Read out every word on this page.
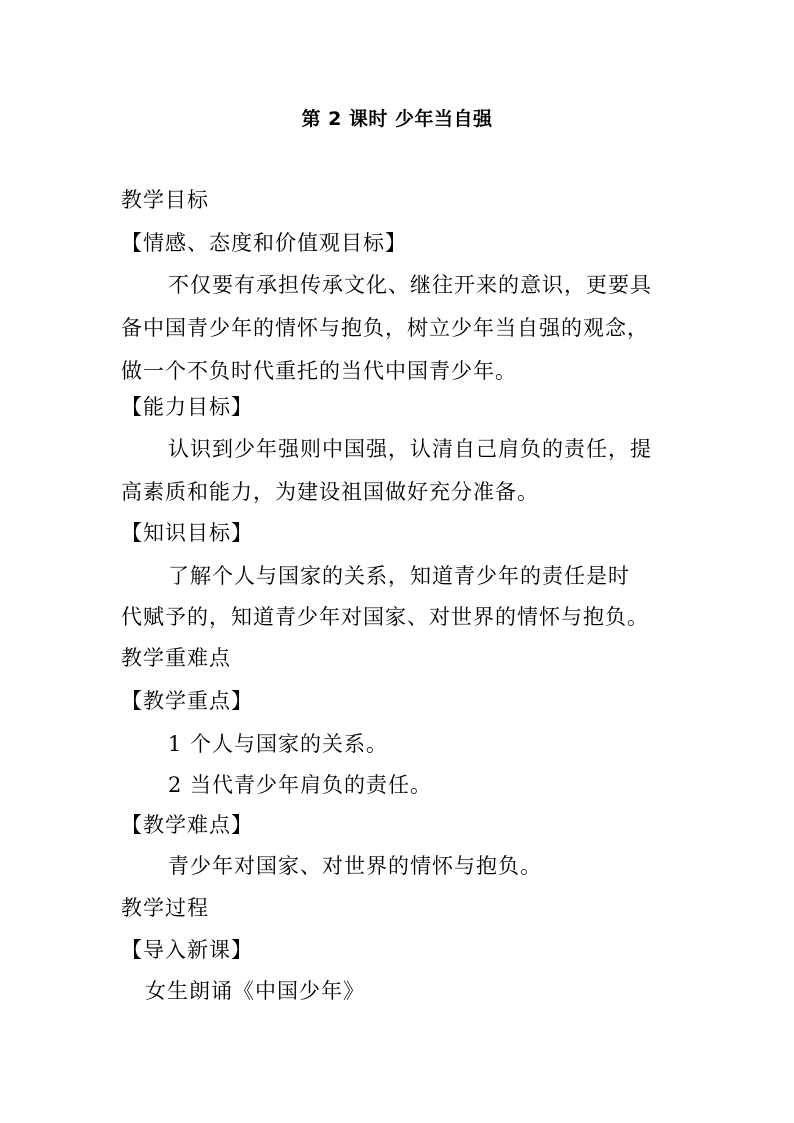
第 2 课时 少年当自强
教学目标
【情感、态度和价值观目标】
不仅要有承担传承文化、继往开来的意识，更要具
备中国青少年的情怀与抱负，树立少年当自强的观念，
做一个不负时代重托的当代中国青少年。
【能力目标】
认识到少年强则中国强，认清自己肩负的责任，提
高素质和能力，为建设祖国做好充分准备。
【知识目标】
了解个人与国家的关系，知道青少年的责任是时
代赋予的，知道青少年对国家、对世界的情怀与抱负。
教学重难点
【教学重点】
1 个人与国家的关系。
2 当代青少年肩负的责任。
【教学难点】
青少年对国家、对世界的情怀与抱负。
教学过程
【导入新课】
女生朗诵《中国少年》
